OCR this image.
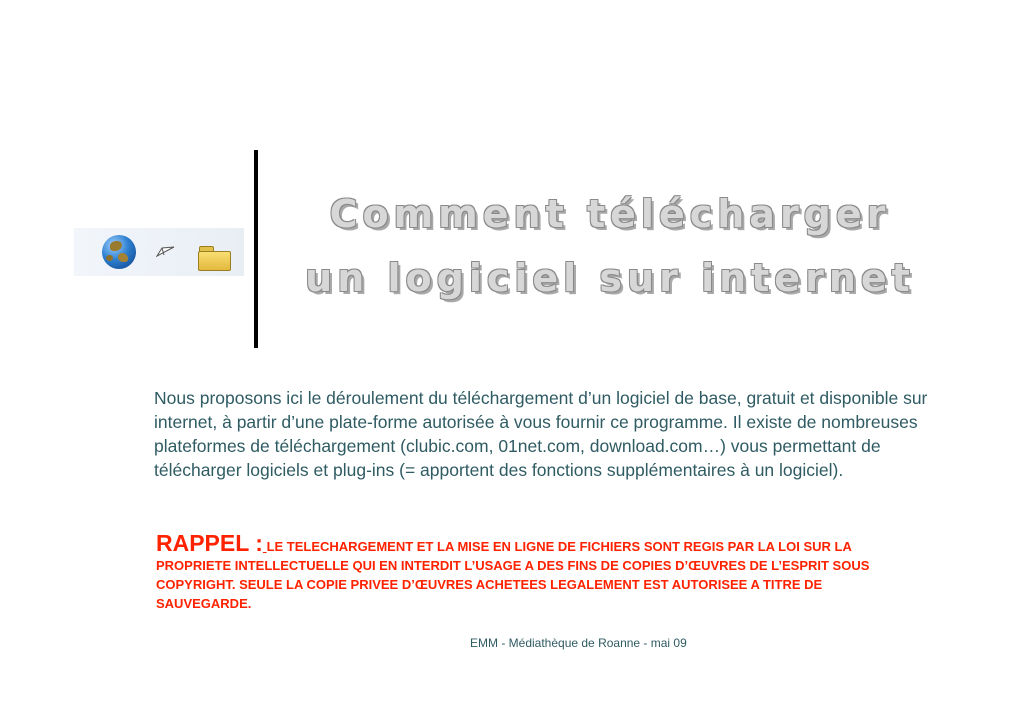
Comment télécharger
un logiciel sur internet
Nous proposons ici le déroulement du téléchargement d’un logiciel de base, gratuit et disponible sur internet, à partir d’une plate-forme autorisée à vous fournir ce programme. Il existe de nombreuses plateformes de téléchargement (clubic.com, 01net.com, download.com…) vous permettant de télécharger logiciels et plug-ins (= apportent des fonctions supplémentaires à un logiciel).
RAPPEL : LE TELECHARGEMENT ET LA MISE EN LIGNE DE FICHIERS SONT REGIS PAR LA LOI SUR LA PROPRIETE INTELLECTUELLE QUI EN INTERDIT L’USAGE A DES FINS DE COPIES D’ŒUVRES DE L’ESPRIT SOUS COPYRIGHT. SEULE LA COPIE PRIVEE D’ŒUVRES ACHETEES LEGALEMENT EST AUTORISEE A TITRE DE SAUVEGARDE.
EMM - Médiathèque de Roanne - mai 09
